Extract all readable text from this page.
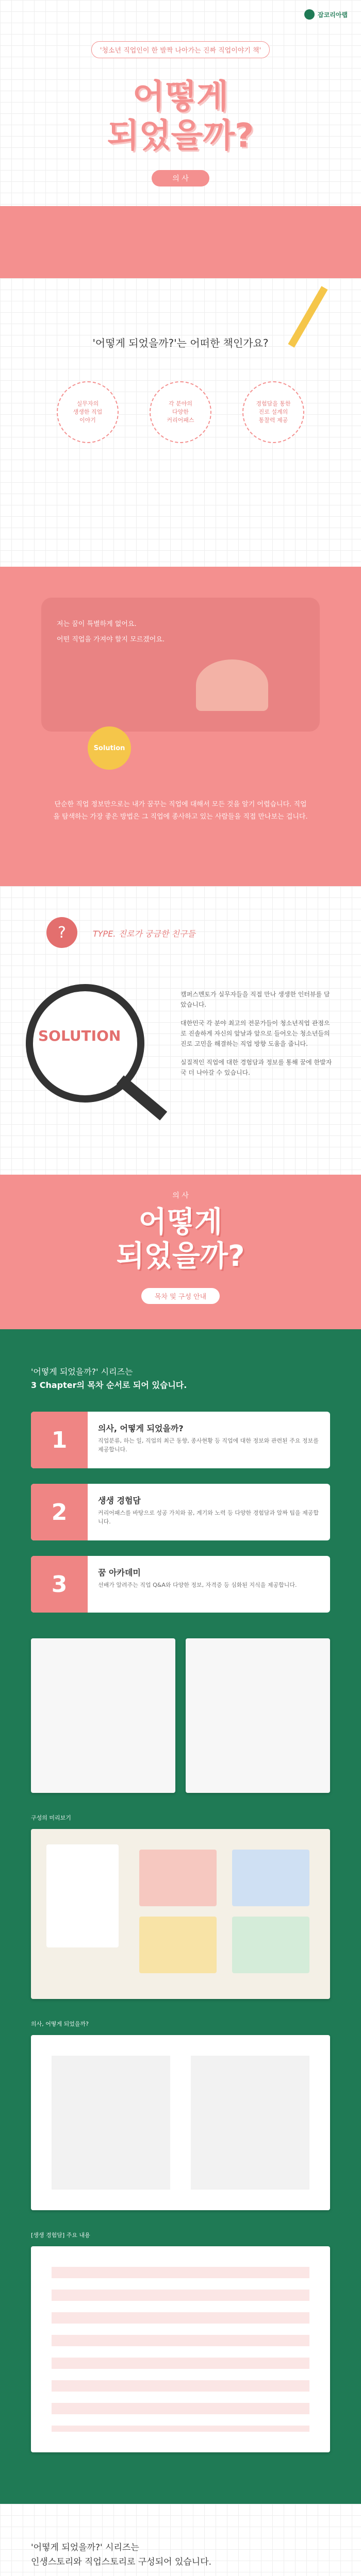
잡코리아랩
'청소년 직업인이 한 발짝 나아가는 진짜 직업이야기 책'
어떻게
되었을까?
의 사
'어떻게 되었을까?'는 어떠한 책인가요?
실무자의
생생한 직업
이야기
각 분야의
다양한
커리어패스
경험담을 통한
진로 설계의
통찰력 제공
저는 꿈이 특별하게 없어요.
어떤 직업을 가져야 할지 모르겠어요.
Solution
단순한 직업 정보만으로는 내가 꿈꾸는 직업에 대해서 모든 것을 알기 어렵습니다. 직업을 탐색하는 가장 좋은 방법은 그 직업에 종사하고 있는 사람들을 직접 만나보는 겁니다.
?	TYPE. 진로가 궁금한 친구들
SOLUTION

캠퍼스멘토가 실무자들을 직접 만나 생생한 인터뷰를 담았습니다.

대한민국 각 분야 최고의 전문가들이 청소년직업 관점으로 진솔하게 자신의 앞날과 앞으로 들어오는 청소년들의 진로 고민을 해결하는 직업 방향 도움을 줍니다.

실질적인 직업에 대한 경험담과 정보를 통해 꿈에 한발자국 더 나아갈 수 있습니다.

의 사
어떻게
되었을까?
목차 및 구성 안내
'어떻게 되었을까?' 시리즈는
3 Chapter의 목차 순서로 되어 있습니다.
1	의사, 어떻게 되었을까?
직업분류, 하는 일, 직업의 최근 동향, 종사현황 등 직업에 대한 정보와 관련된 주요 정보를 제공합니다.
2	생생 경험담
커리어패스를 바탕으로 성공 가치와 꿈, 계기와 노력 등 다양한 경험담과 알짜 팁을 제공합니다.
3	꿈 아카데미
선배가 알려주는 직업 Q&A와 다양한 정보, 자격증 등 심화된 지식을 제공합니다.
구성의 미리보기
의사, 어떻게 되었을까?
[생생 경험담] 주요 내용
'어떻게 되었을까?' 시리즈는
인생스토리와 직업스토리로 구성되어 있습니다.
